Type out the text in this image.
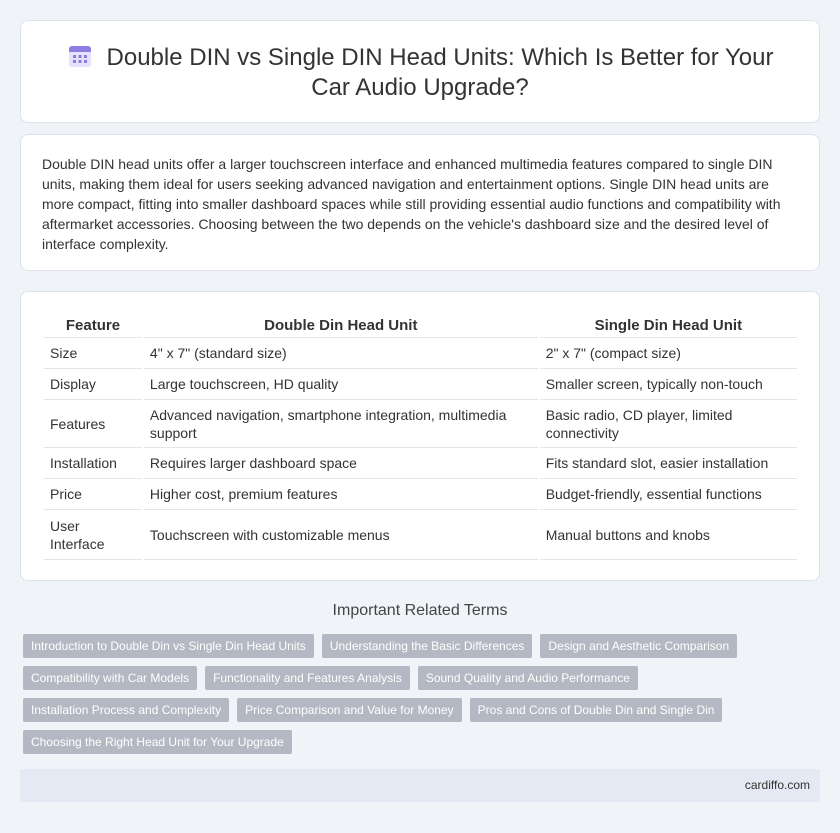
Double DIN vs Single DIN Head Units: Which Is Better for Your Car Audio Upgrade?

Double DIN head units offer a larger touchscreen interface and enhanced multimedia features compared to single DIN units, making them ideal for users seeking advanced navigation and entertainment options. Single DIN head units are more compact, fitting into smaller dashboard spaces while still providing essential audio functions and compatibility with aftermarket accessories. Choosing between the two depends on the vehicle's dashboard size and the desired level of interface complexity.

Feature	Double Din Head Unit	Single Din Head Unit
Size	4" x 7" (standard size)	2" x 7" (compact size)
Display	Large touchscreen, HD quality	Smaller screen, typically non-touch
Features	Advanced navigation, smartphone integration, multimedia support	Basic radio, CD player, limited connectivity
Installation	Requires larger dashboard space	Fits standard slot, easier installation
Price	Higher cost, premium features	Budget-friendly, essential functions
User Interface	Touchscreen with customizable menus	Manual buttons and knobs
Important Related Terms
Introduction to Double Din vs Single Din Head Units	Understanding the Basic Differences	Design and Aesthetic Comparison
Compatibility with Car Models	Functionality and Features Analysis	Sound Quality and Audio Performance
Installation Process and Complexity	Price Comparison and Value for Money	Pros and Cons of Double Din and Single Din
Choosing the Right Head Unit for Your Upgrade
cardiffo.com
